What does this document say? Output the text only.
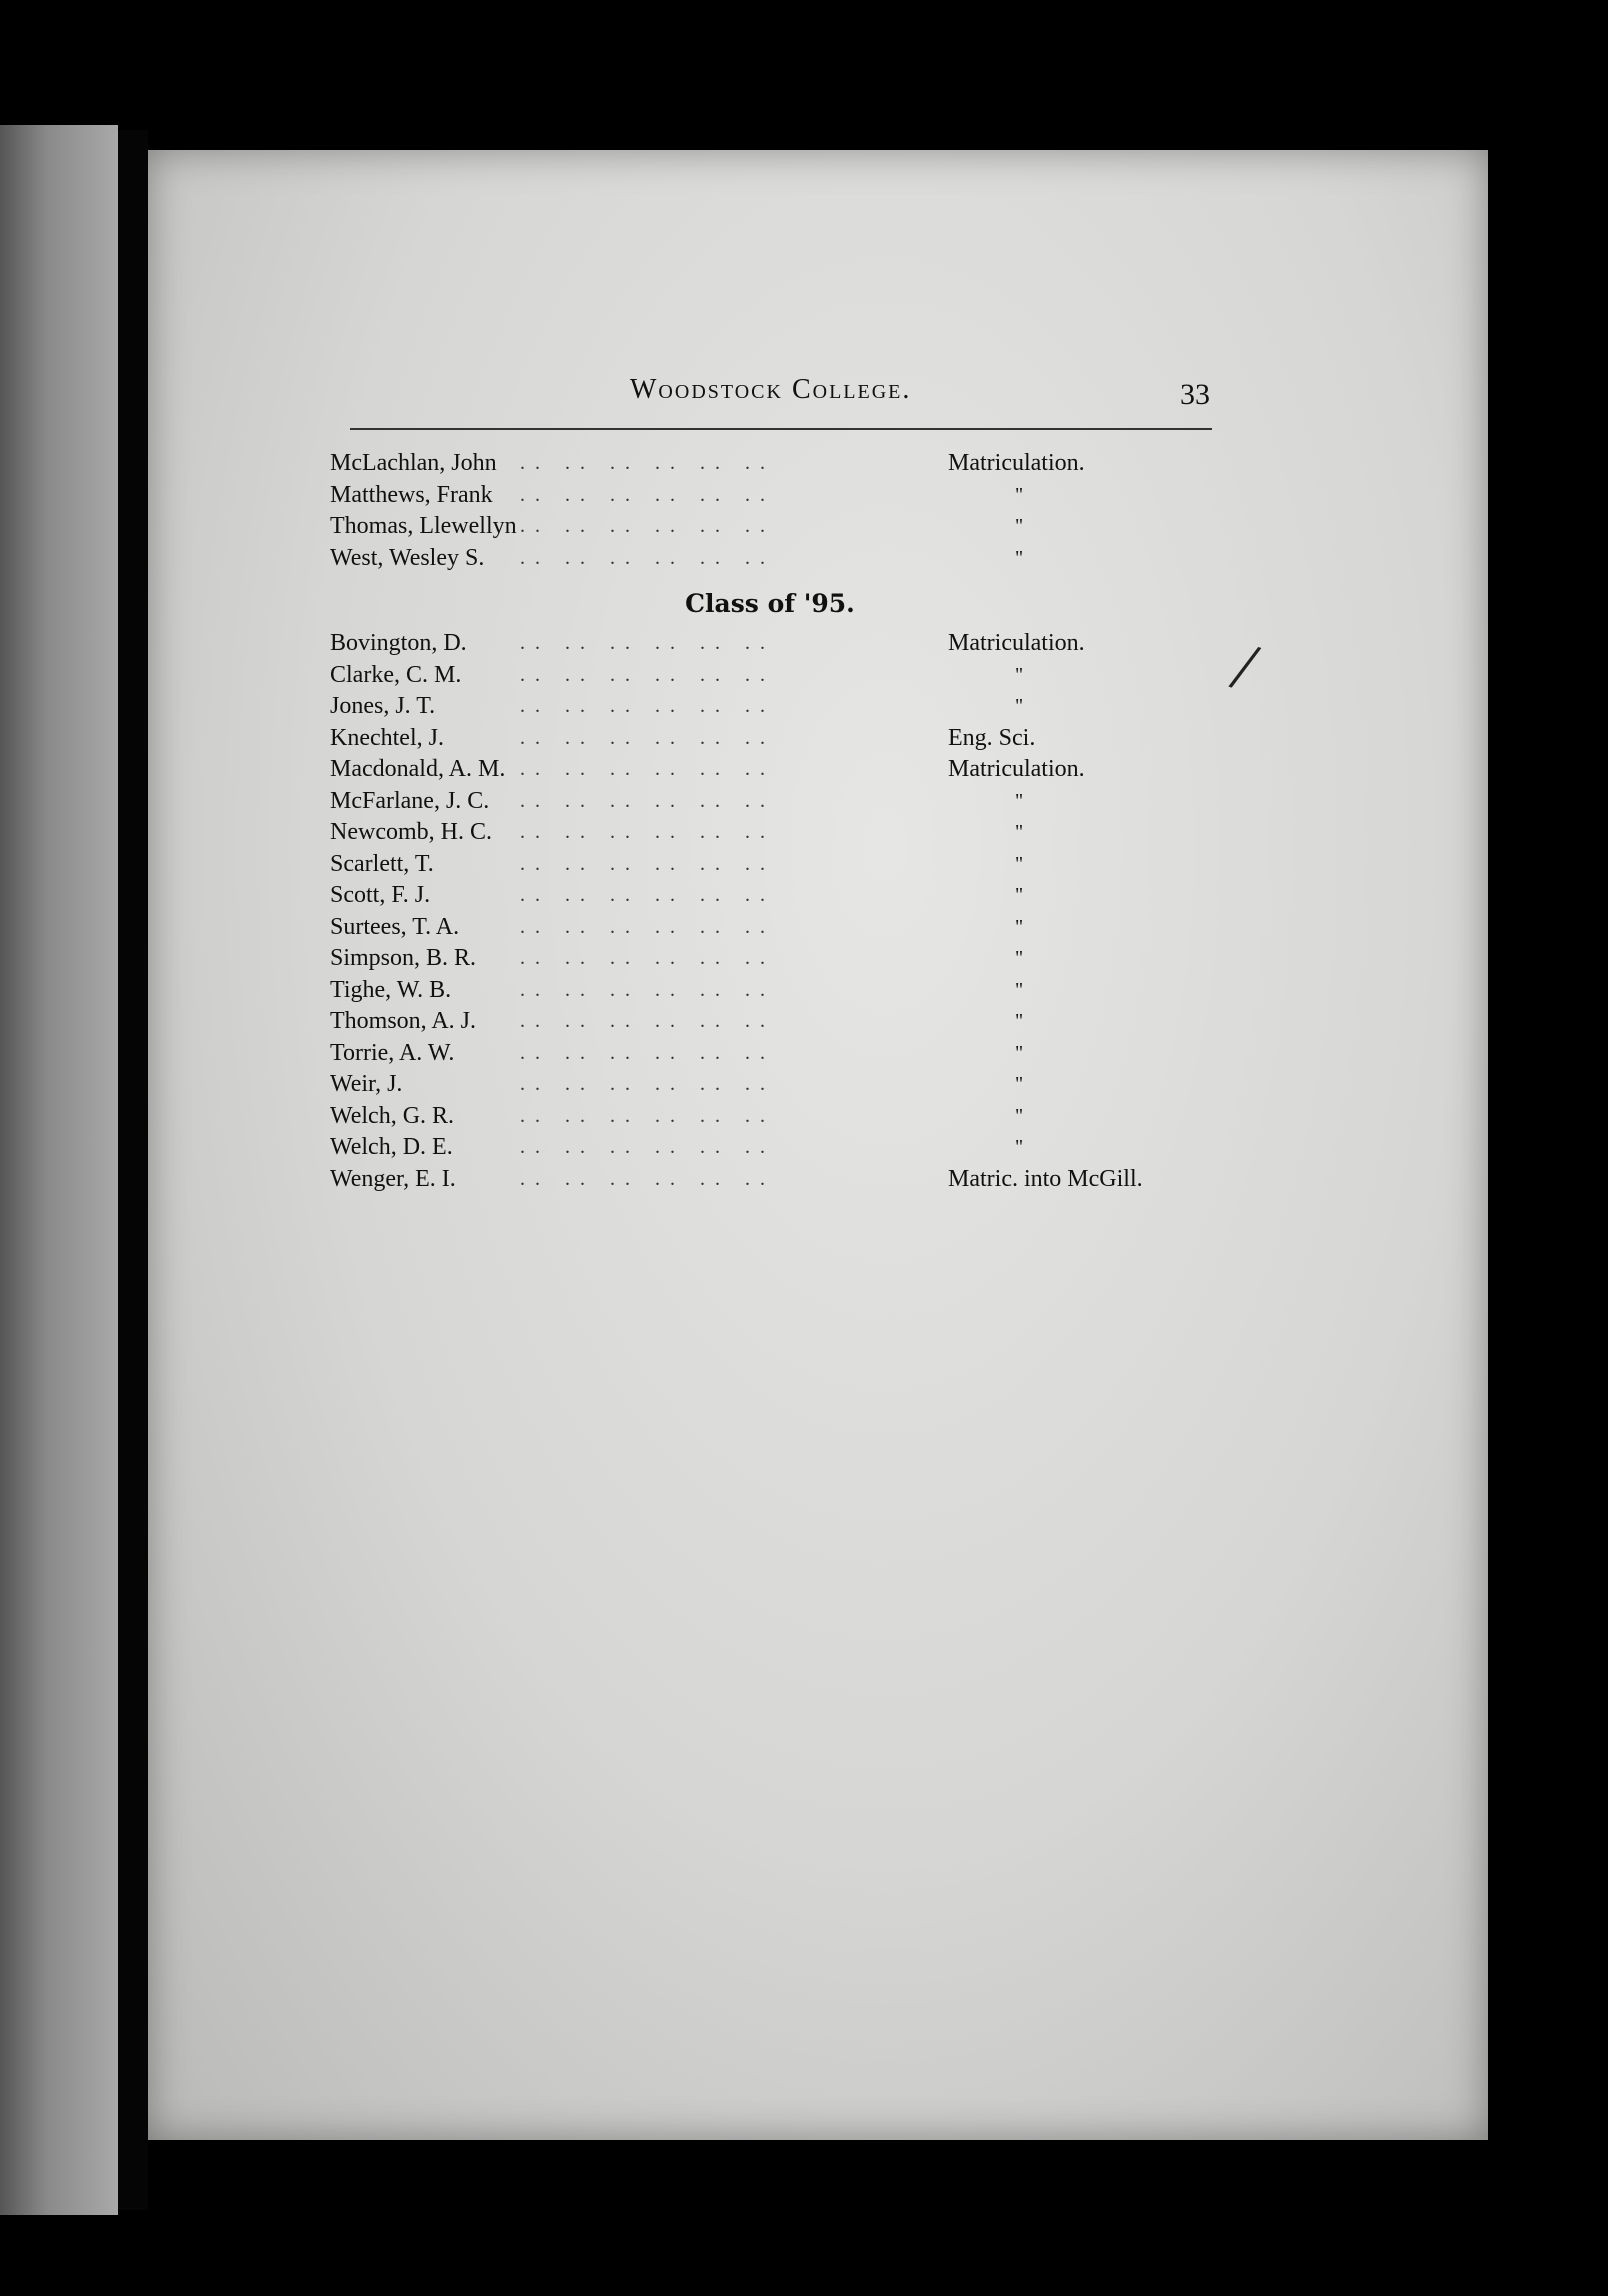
Woodstock College.	33
McLachlan, John .. .. .. .. .. ..	Matriculation.
Matthews, Frank .. .. .. .. .. ..	"
Thomas, Llewellyn .. .. .. .. .. ..	"
West, Wesley S. .. .. .. .. .. ..	"
Class of '95.
Bovington, D.	.. .. .. .. .. ..	Matriculation.
Clarke, C. M.	.. .. .. .. .. ..	"
Jones, J. T.	.. .. .. .. .. ..	"
Knechtel, J.	.. .. .. .. .. ..	Eng. Sci.
Macdonald, A. M. .. .. .. .. .. ..	Matriculation.
McFarlane, J. C. .. .. .. .. .. ..	"
Newcomb, H. C. .. .. .. .. .. ..	"
Scarlett, T.	.. .. .. .. .. ..	"
Scott, F. J.	.. .. .. .. .. ..	"
Surtees, T. A.	.. .. .. .. .. ..	"
Simpson, B. R. .. .. .. .. .. ..	"
Tighe, W. B.	.. .. .. .. .. ..	"
Thomson, A. J. .. .. .. .. .. ..	"
Torrie, A. W.	.. .. .. .. .. ..	"
Weir, J.	.. .. .. .. .. ..	"
Welch, G. R.	.. .. .. .. .. ..	"
Welch, D. E.	.. .. .. .. .. ..	"
Wenger, E. I.	.. .. .. .. .. ..	Matric. into McGill.
/
